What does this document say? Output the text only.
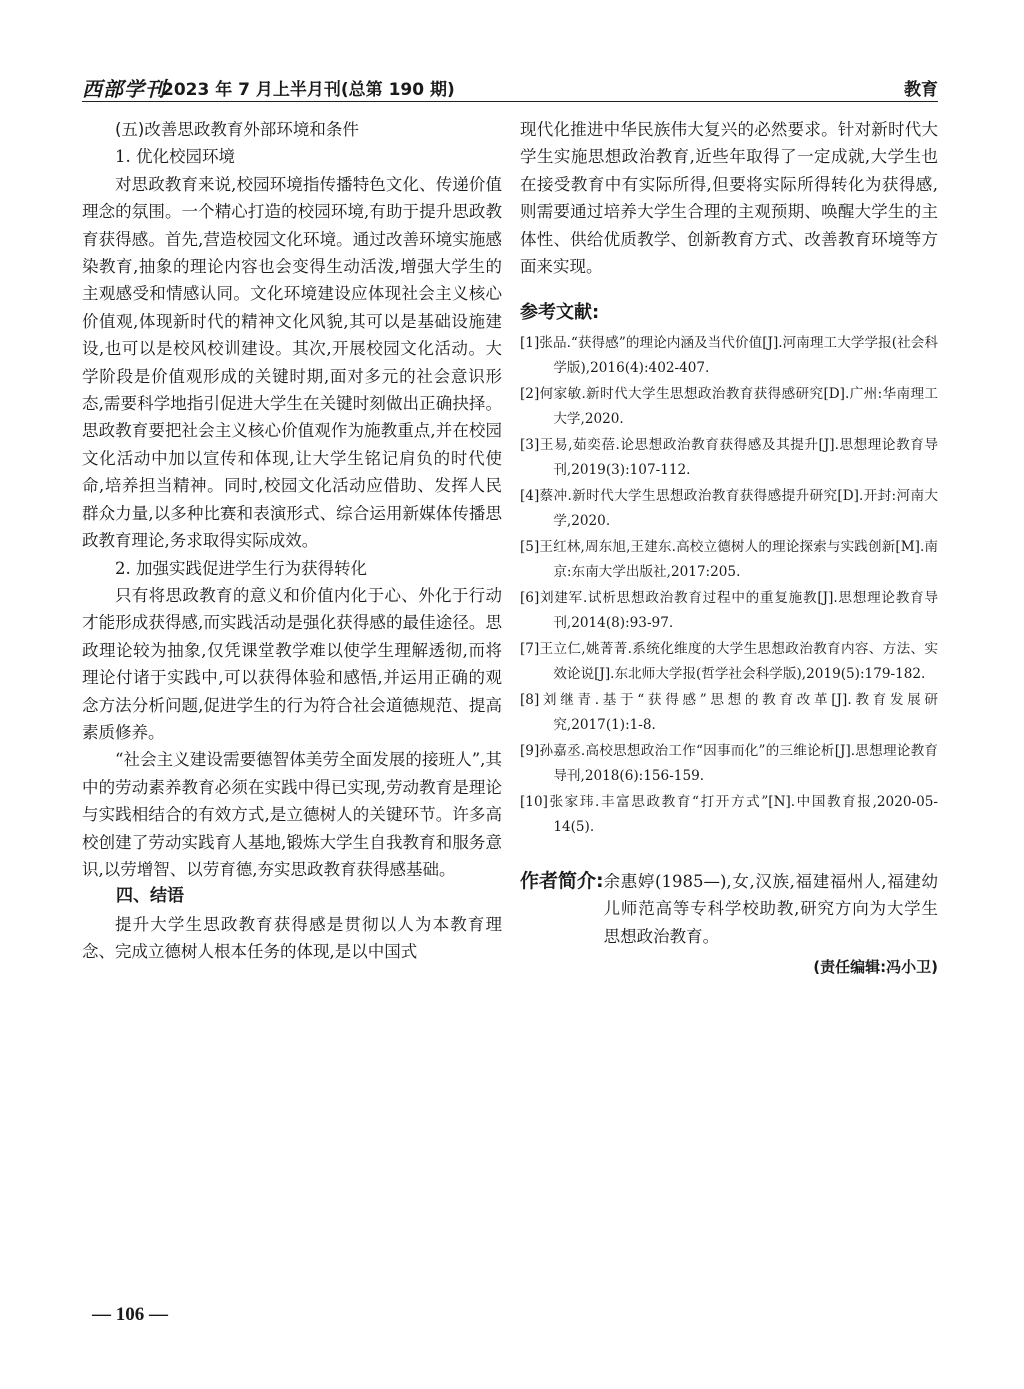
西部学刊
2023 年 7 月上半月刊(总第 190 期)	教育
(五)改善思政教育外部环境和条件

1. 优化校园环境

对思政教育来说,校园环境指传播特色文化、传递价值理念的氛围。一个精心打造的校园环境,有助于提升思政教育获得感。首先,营造校园文化环境。通过改善环境实施感染教育,抽象的理论内容也会变得生动活泼,增强大学生的主观感受和情感认同。文化环境建设应体现社会主义核心价值观,体现新时代的精神文化风貌,其可以是基础设施建设,也可以是校风校训建设。其次,开展校园文化活动。大学阶段是价值观形成的关键时期,面对多元的社会意识形态,需要科学地指引促进大学生在关键时刻做出正确抉择。思政教育要把社会主义核心价值观作为施教重点,并在校园文化活动中加以宣传和体现,让大学生铭记肩负的时代使命,培养担当精神。同时,校园文化活动应借助、发挥人民群众力量,以多种比赛和表演形式、综合运用新媒体传播思政教育理论,务求取得实际成效。

2. 加强实践促进学生行为获得转化

只有将思政教育的意义和价值内化于心、外化于行动才能形成获得感,而实践活动是强化获得感的最佳途径。思政理论较为抽象,仅凭课堂教学难以使学生理解透彻,而将理论付诸于实践中,可以获得体验和感悟,并运用正确的观念方法分析问题,促进学生的行为符合社会道德规范、提高素质修养。

“社会主义建设需要德智体美劳全面发展的接班人”,其中的劳动素养教育必须在实践中得已实现,劳动教育是理论与实践相结合的有效方式,是立德树人的关键环节。许多高校创建了劳动实践育人基地,锻炼大学生自我教育和服务意识,以劳增智、以劳育德,夯实思政教育获得感基础。

四、结语

提升大学生思政教育获得感是贯彻以人为本教育理念、完成立德树人根本任务的体现,是以中国式

现代化推进中华民族伟大复兴的必然要求。针对新时代大学生实施思想政治教育,近些年取得了一定成就,大学生也在接受教育中有实际所得,但要将实际所得转化为获得感,则需要通过培养大学生合理的主观预期、唤醒大学生的主体性、供给优质教学、创新教育方式、改善教育环境等方面来实现。

参考文献:
[1]张品.“获得感”的理论内涵及当代价值[J].河南理工大学学报(社会科学版),2016(4):402-407.
[2]何家敏.新时代大学生思想政治教育获得感研究[D].广州:华南理工大学,2020.
[3]王易,茹奕蓓.论思想政治教育获得感及其提升[J].思想理论教育导刊,2019(3):107-112.
[4]蔡冲.新时代大学生思想政治教育获得感提升研究[D].开封:河南大学,2020.
[5]王红林,周东旭,王建东.高校立德树人的理论探索与实践创新[M].南京:东南大学出版社,2017:205.
[6]刘建军.试析思想政治教育过程中的重复施教[J].思想理论教育导刊,2014(8):93-97.
[7]王立仁,姚菁菁.系统化维度的大学生思想政治教育内容、方法、实效论说[J].东北师大学报(哲学社会科学版),2019(5):179-182.
[8]刘继青.基于“获得感”思想的教育改革[J].教育发展研究,2017(1):1-8.
[9]孙嘉丞.高校思想政治工作“因事而化”的三维论析[J].思想理论教育导刊,2018(6):156-159.
[10]张家玮.丰富思政教育“打开方式”[N].中国教育报,2020-05-14(5).
作者简介: 余惠婷(1985—),女,汉族,福建福州人,福建幼儿师范高等专科学校助教,研究方向为大学生思想政治教育。
(责任编辑:冯小卫)
— 106 —
